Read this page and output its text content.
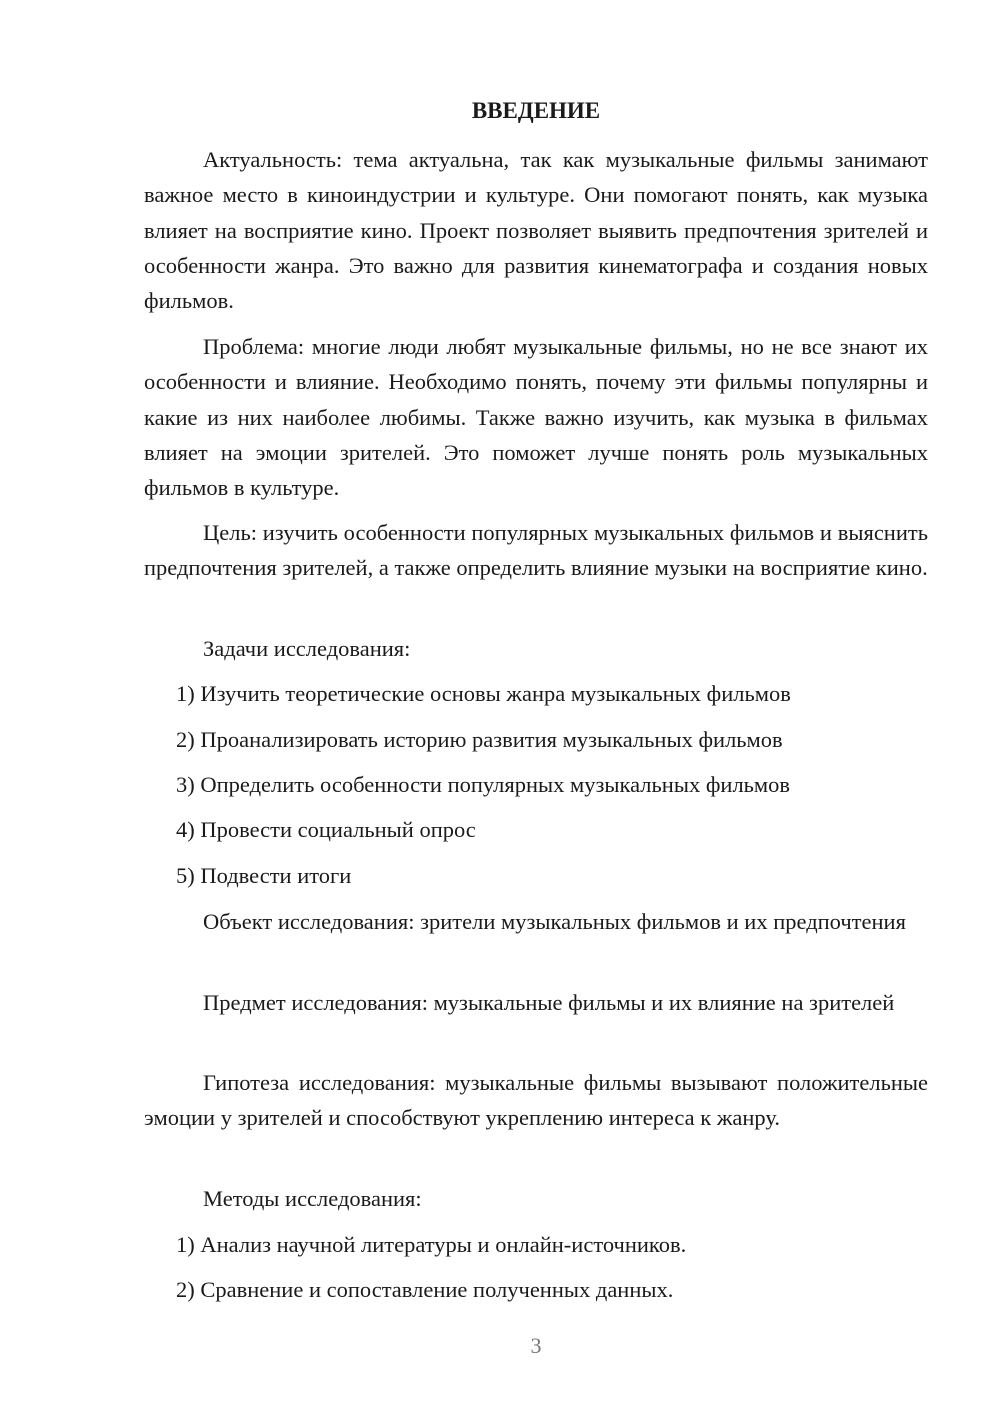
ВВЕДЕНИЕ

Актуальность: тема актуальна, так как музыкальные фильмы занимают важное место в киноиндустрии и культуре. Они помогают понять, как музыка влияет на восприятие кино. Проект позволяет выявить предпочтения зрителей и особенности жанра. Это важно для развития кинематографа и создания новых фильмов.

Проблема: многие люди любят музыкальные фильмы, но не все знают их особенности и влияние. Необходимо понять, почему эти фильмы популярны и какие из них наиболее любимы. Также важно изучить, как музыка в фильмах влияет на эмоции зрителей. Это поможет лучше понять роль музыкальных фильмов в культуре.

Цель: изучить особенности популярных музыкальных фильмов и выяснить предпочтения зрителей, а также определить влияние музыки на восприятие кино.

Задачи исследования:

1) Изучить теоретические основы жанра музыкальных фильмов

2) Проанализировать историю развития музыкальных фильмов

3) Определить особенности популярных музыкальных фильмов

4) Провести социальный опрос

5) Подвести итоги

Объект исследования: зрители музыкальных фильмов и их предпочтения

Предмет исследования: музыкальные фильмы и их влияние на зрителей

Гипотеза исследования: музыкальные фильмы вызывают положительные эмоции у зрителей и способствуют укреплению интереса к жанру.

Методы исследования:

1) Анализ научной литературы и онлайн-источников.

2) Сравнение и сопоставление полученных данных.

3
